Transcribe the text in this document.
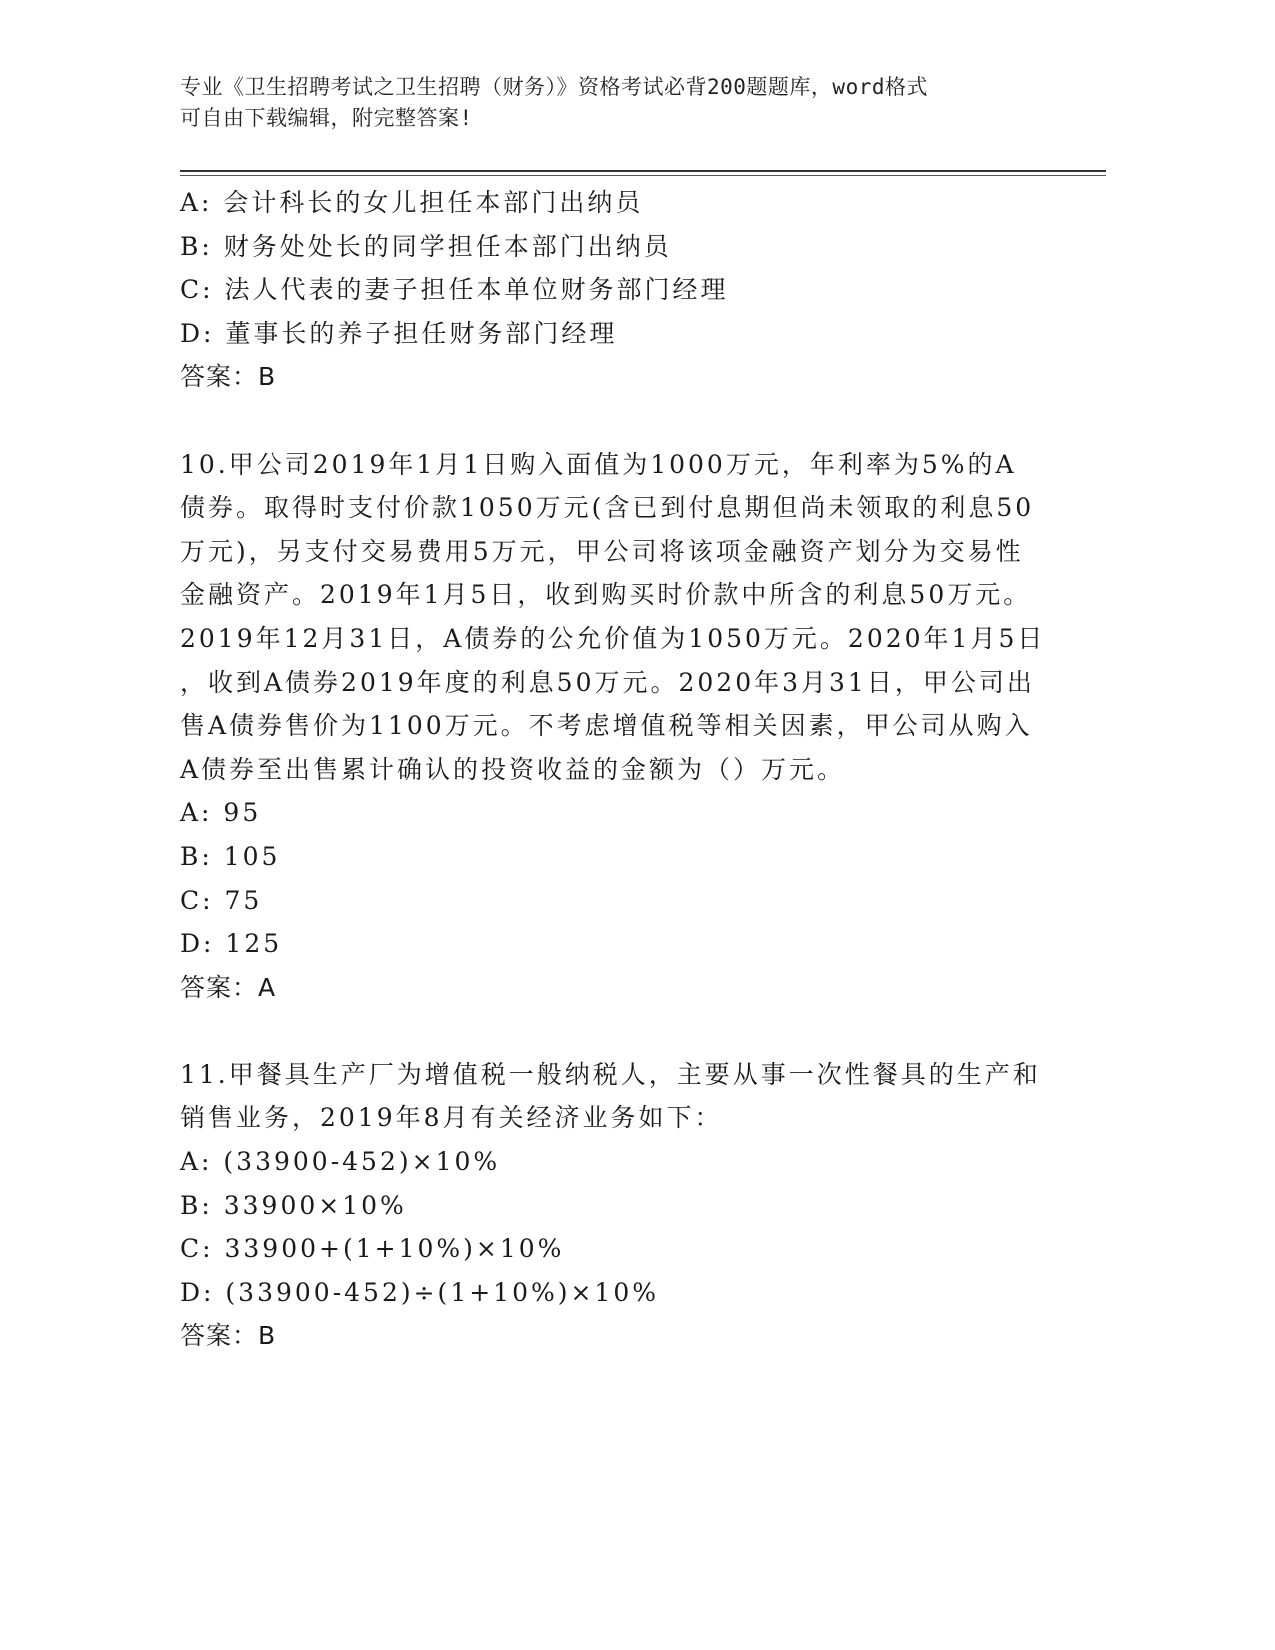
专业《卫生招聘考试之卫生招聘（财务）》资格考试必背200题题库，word格式
可自由下载编辑，附完整答案!
A: 会计科长的女儿担任本部门出纳员
B: 财务处处长的同学担任本部门出纳员
C: 法人代表的妻子担任本单位财务部门经理
D: 董事长的养子担任财务部门经理
答案：B
10.甲公司2019年1月1日购入面值为1000万元，年利率为5%的A
债券。取得时支付价款1050万元(含已到付息期但尚未领取的利息50
万元)，另支付交易费用5万元，甲公司将该项金融资产划分为交易性
金融资产。2019年1月5日，收到购买时价款中所含的利息50万元。
2019年12月31日，A债券的公允价值为1050万元。2020年1月5日
，收到A债券2019年度的利息50万元。2020年3月31日，甲公司出
售A债券售价为1100万元。不考虑增值税等相关因素，甲公司从购入
A债券至出售累计确认的投资收益的金额为（）万元。
A: 95
B: 105
C: 75
D: 125
答案：A
11.甲餐具生产厂为增值税一般纳税人，主要从事一次性餐具的生产和
销售业务，2019年8月有关经济业务如下：
A: (33900-452)×10%
B: 33900×10%
C: 33900+(1+10%)×10%
D: (33900-452)÷(1+10%)×10%
答案：B
